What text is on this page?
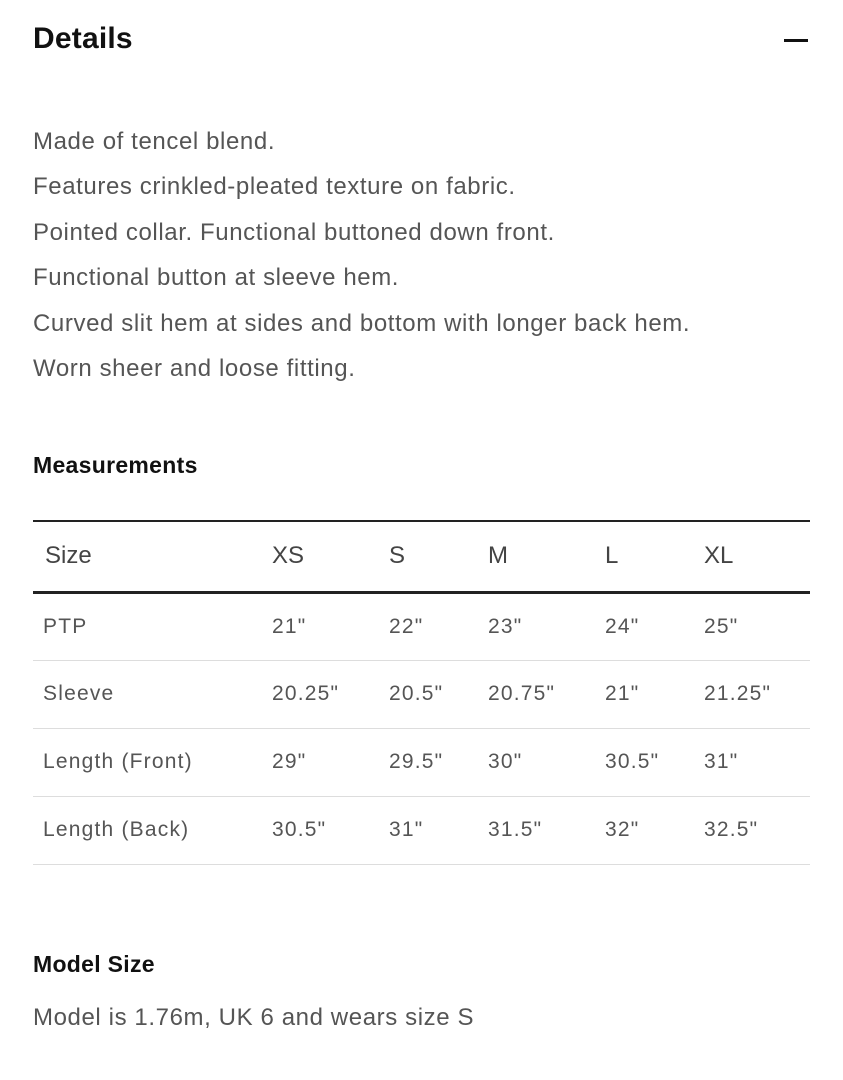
Details
Made of tencel blend.
Features crinkled-pleated texture on fabric.
Pointed collar. Functional buttoned down front.
Functional button at sleeve hem.
Curved slit hem at sides and bottom with longer back hem.
Worn sheer and loose fitting.
Measurements
Size	XS	S	M	L	XL
PTP	21"	22"	23"	24"	25"
Sleeve	20.25"	20.5"	20.75"	21"	21.25"
Length (Front)	29"	29.5"	30"	30.5"	31"
Length (Back)	30.5"	31"	31.5"	32"	32.5"
Model Size
Model is 1.76m, UK 6 and wears size S
